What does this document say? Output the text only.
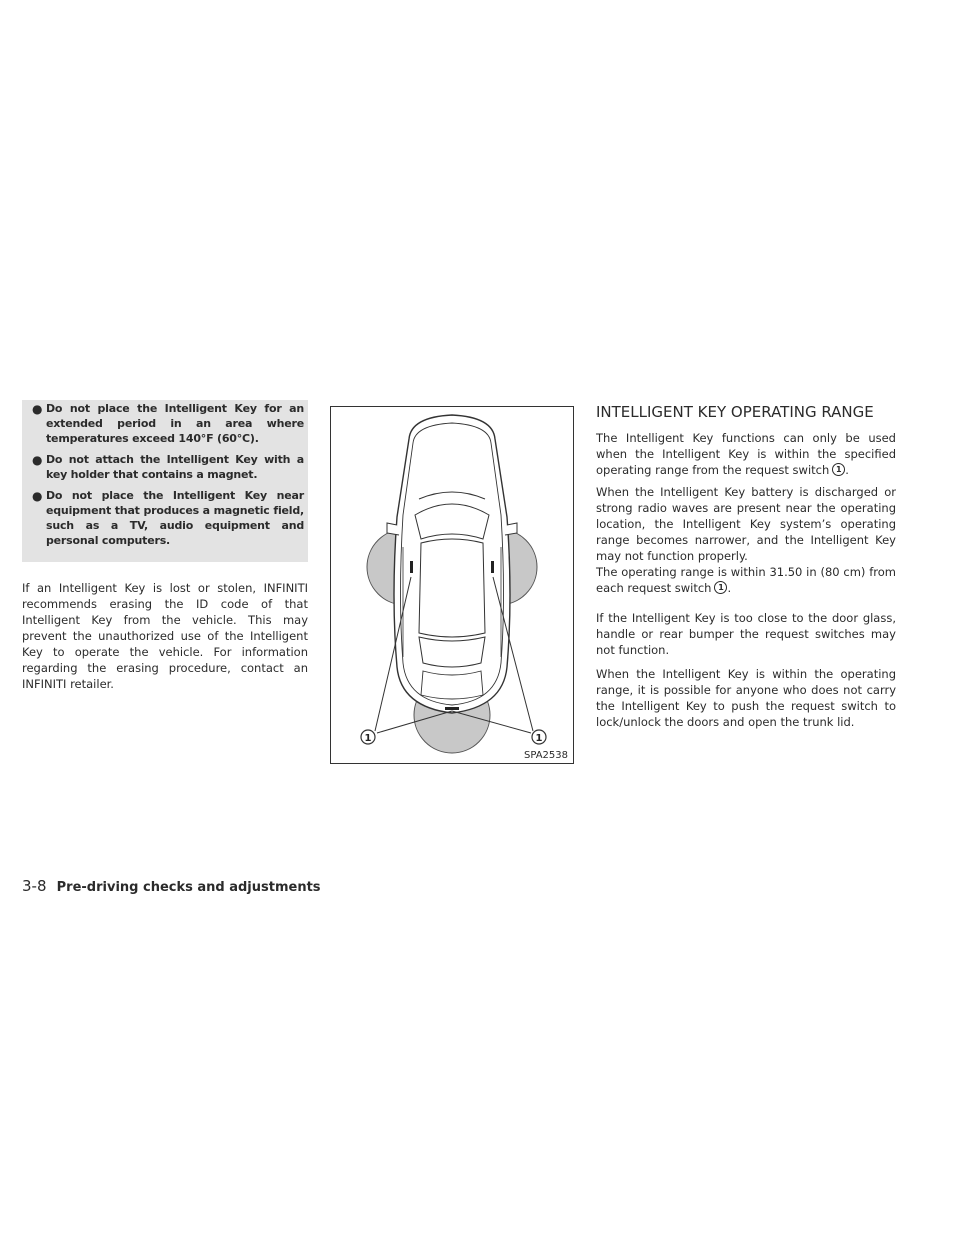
● Do not place the Intelligent Key for an extended period in an area where temperatures exceed 140°F (60°C).
● Do not attach the Intelligent Key with a key holder that contains a magnet.
● Do not place the Intelligent Key near equipment that produces a magnetic field, such as a TV, audio equipment and personal computers.

If an Intelligent Key is lost or stolen, INFINITI recommends erasing the ID code of that Intelligent Key from the vehicle. This may prevent the unauthorized use of the Intelligent Key to operate the vehicle. For information regarding the erasing procedure, contact an INFINITI retailer.

1	1
SPA2538
INTELLIGENT KEY OPERATING RANGE

The Intelligent Key functions can only be used when the Intelligent Key is within the specified operating range from the request switch 1 .

When the Intelligent Key battery is discharged or strong radio waves are present near the operating location, the Intelligent Key system’s operating range becomes narrower, and the Intelligent Key may not function properly.

The operating range is within 31.50 in (80 cm) from each request switch 1 .

If the Intelligent Key is too close to the door glass, handle or rear bumper the request switches may not function.

When the Intelligent Key is within the operating range, it is possible for anyone who does not carry the Intelligent Key to push the request switch to lock/unlock the doors and open the trunk lid.

3-8 Pre-driving checks and adjustments
